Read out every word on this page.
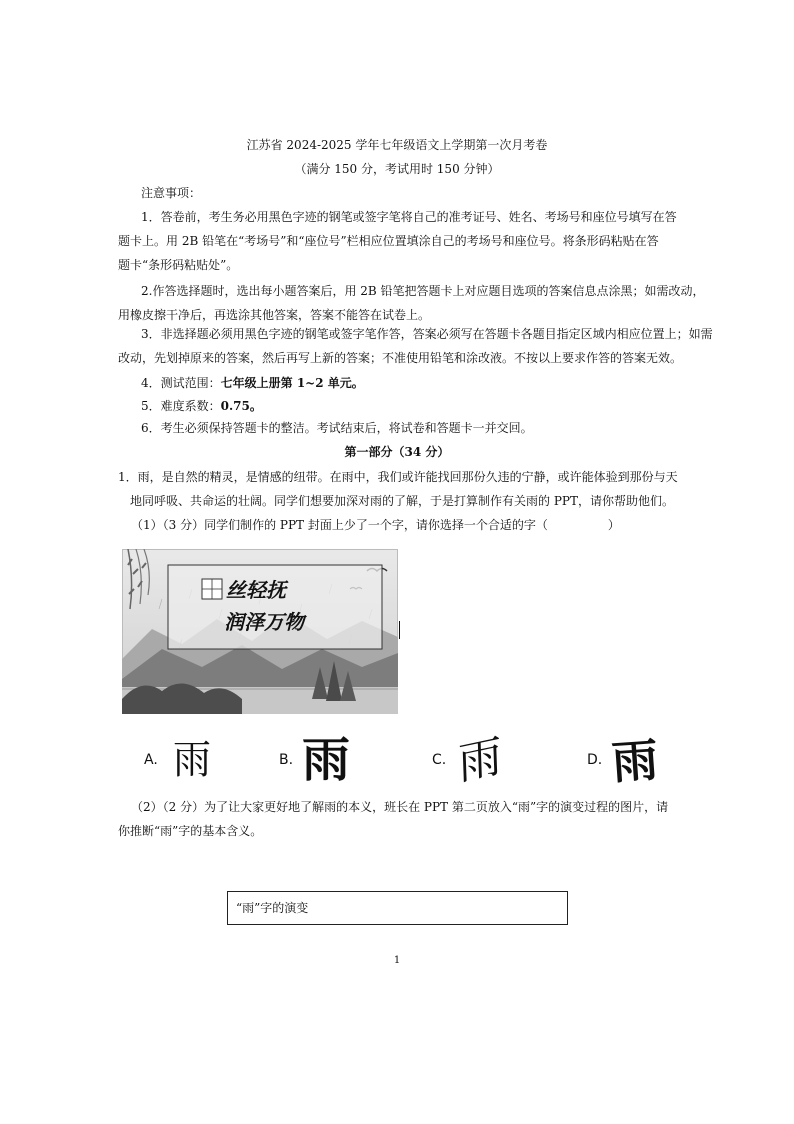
江苏省 2024-2025 学年七年级语文上学期第一次月考卷
（满分 150 分，考试用时 150 分钟）
注意事项：
1．答卷前，考生务必用黑色字迹的钢笔或签字笔将自己的准考证号、姓名、考场号和座位号填写在答
题卡上。用 2B 铅笔在“考场号”和“座位号”栏相应位置填涂自己的考场号和座位号。将条形码粘贴在答
题卡“条形码粘贴处”。
2.作答选择题时，选出每小题答案后，用 2B 铅笔把答题卡上对应题目选项的答案信息点涂黑；如需改动，
用橡皮擦干净后，再选涂其他答案，答案不能答在试卷上。
3．非选择题必须用黑色字迹的钢笔或签字笔作答，答案必须写在答题卡各题目指定区域内相应位置上；如需
改动，先划掉原来的答案，然后再写上新的答案；不准使用铅笔和涂改液。不按以上要求作答的答案无效。
4．测试范围：七年级上册第 1~2 单元。
5．难度系数：0.75。
6．考生必须保持答题卡的整洁。考试结束后，将试卷和答题卡一并交回。
第一部分（34 分）
1．雨，是自然的精灵，是情感的纽带。在雨中，我们或许能找回那份久违的宁静，或许能体验到那份与天
地同呼吸、共命运的壮阔。同学们想要加深对雨的了解，于是打算制作有关雨的 PPT，请你帮助他们。
（1）（3 分）同学们制作的 PPT 封面上少了一个字，请你选择一个合适的字（　　　　　）
丝轻抚
润泽万物
A. 雨	B. 雨	C. 雨	D. 雨
（2）（2 分）为了让大家更好地了解雨的本义，班长在 PPT 第二页放入“雨”字的演变过程的图片，请
你推断“雨”字的基本含义。
“雨”字的演变
1
